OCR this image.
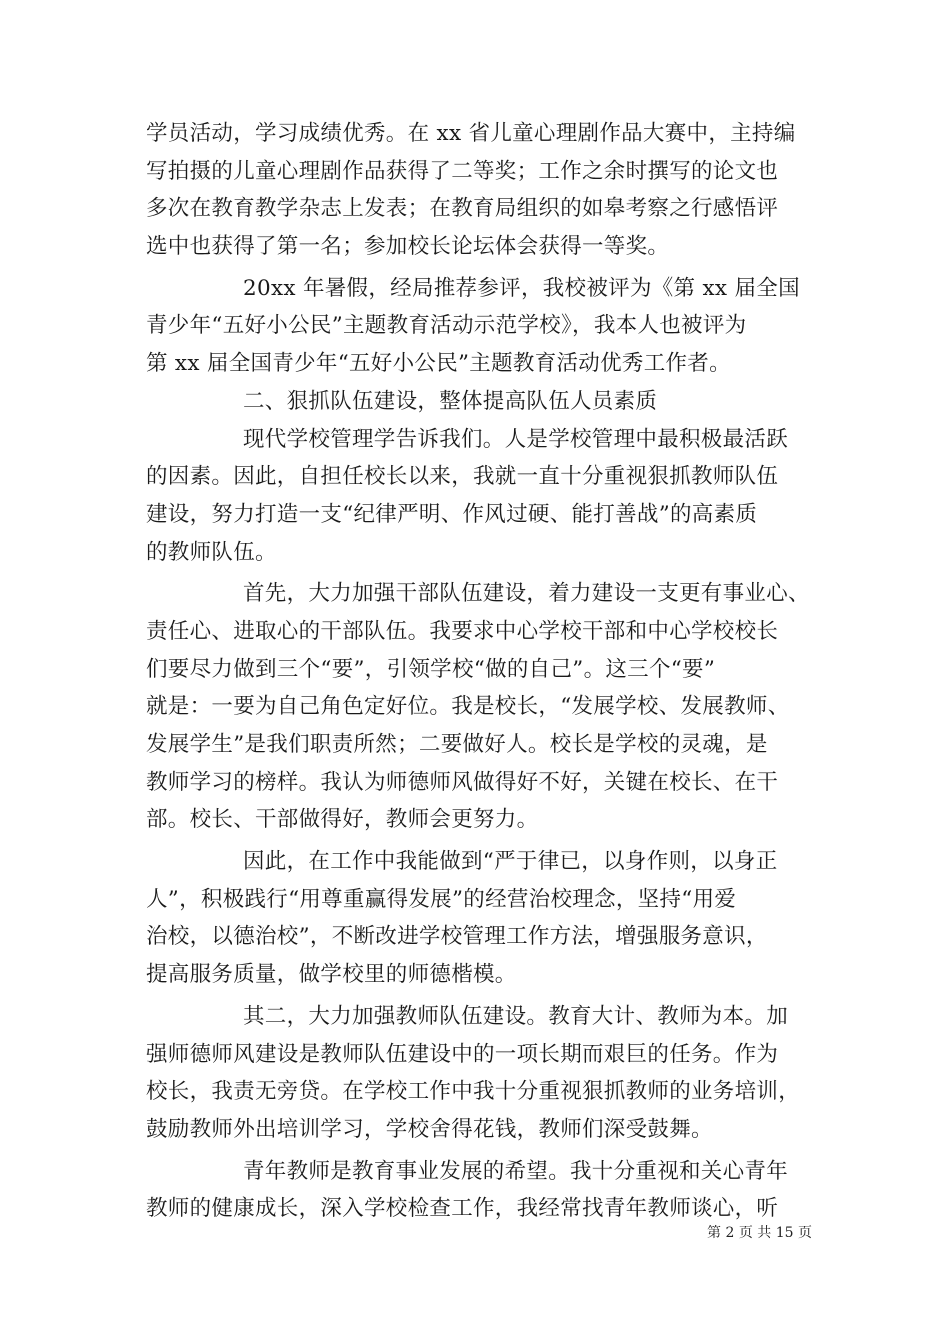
学员活动，学习成绩优秀。在 xx 省儿童心理剧作品大赛中，主持编
写拍摄的儿童心理剧作品获得了二等奖；工作之余时撰写的论文也
多次在教育教学杂志上发表；在教育局组织的如皋考察之行感悟评
选中也获得了第一名；参加校长论坛体会获得一等奖。
20xx 年暑假，经局推荐参评，我校被评为《第 xx 届全国
青少年“五好小公民”主题教育活动示范学校》，我本人也被评为
第 xx 届全国青少年“五好小公民”主题教育活动优秀工作者。
二、狠抓队伍建设，整体提高队伍人员素质
现代学校管理学告诉我们。人是学校管理中最积极最活跃
的因素。因此，自担任校长以来，我就一直十分重视狠抓教师队伍
建设，努力打造一支“纪律严明、作风过硬、能打善战”的高素质
的教师队伍。
首先，大力加强干部队伍建设，着力建设一支更有事业心、
责任心、进取心的干部队伍。我要求中心学校干部和中心学校校长
们要尽力做到三个“要”，引领学校“做的自己”。这三个“要”
就是：一要为自己角色定好位。我是校长，“发展学校、发展教师、
发展学生”是我们职责所然；二要做好人。校长是学校的灵魂，是
教师学习的榜样。我认为师德师风做得好不好，关键在校长、在干
部。校长、干部做得好，教师会更努力。
因此，在工作中我能做到“严于律已，以身作则，以身正
人”，积极践行“用尊重赢得发展”的经营治校理念，坚持“用爱
治校，以德治校”，不断改进学校管理工作方法，增强服务意识，
提高服务质量，做学校里的师德楷模。
其二，大力加强教师队伍建设。教育大计、教师为本。加
强师德师风建设是教师队伍建设中的一项长期而艰巨的任务。作为
校长，我责无旁贷。在学校工作中我十分重视狠抓教师的业务培训，
鼓励教师外出培训学习，学校舍得花钱，教师们深受鼓舞。
青年教师是教育事业发展的希望。我十分重视和关心青年
教师的健康成长，深入学校检查工作，我经常找青年教师谈心，听
第 2 页 共 15 页
